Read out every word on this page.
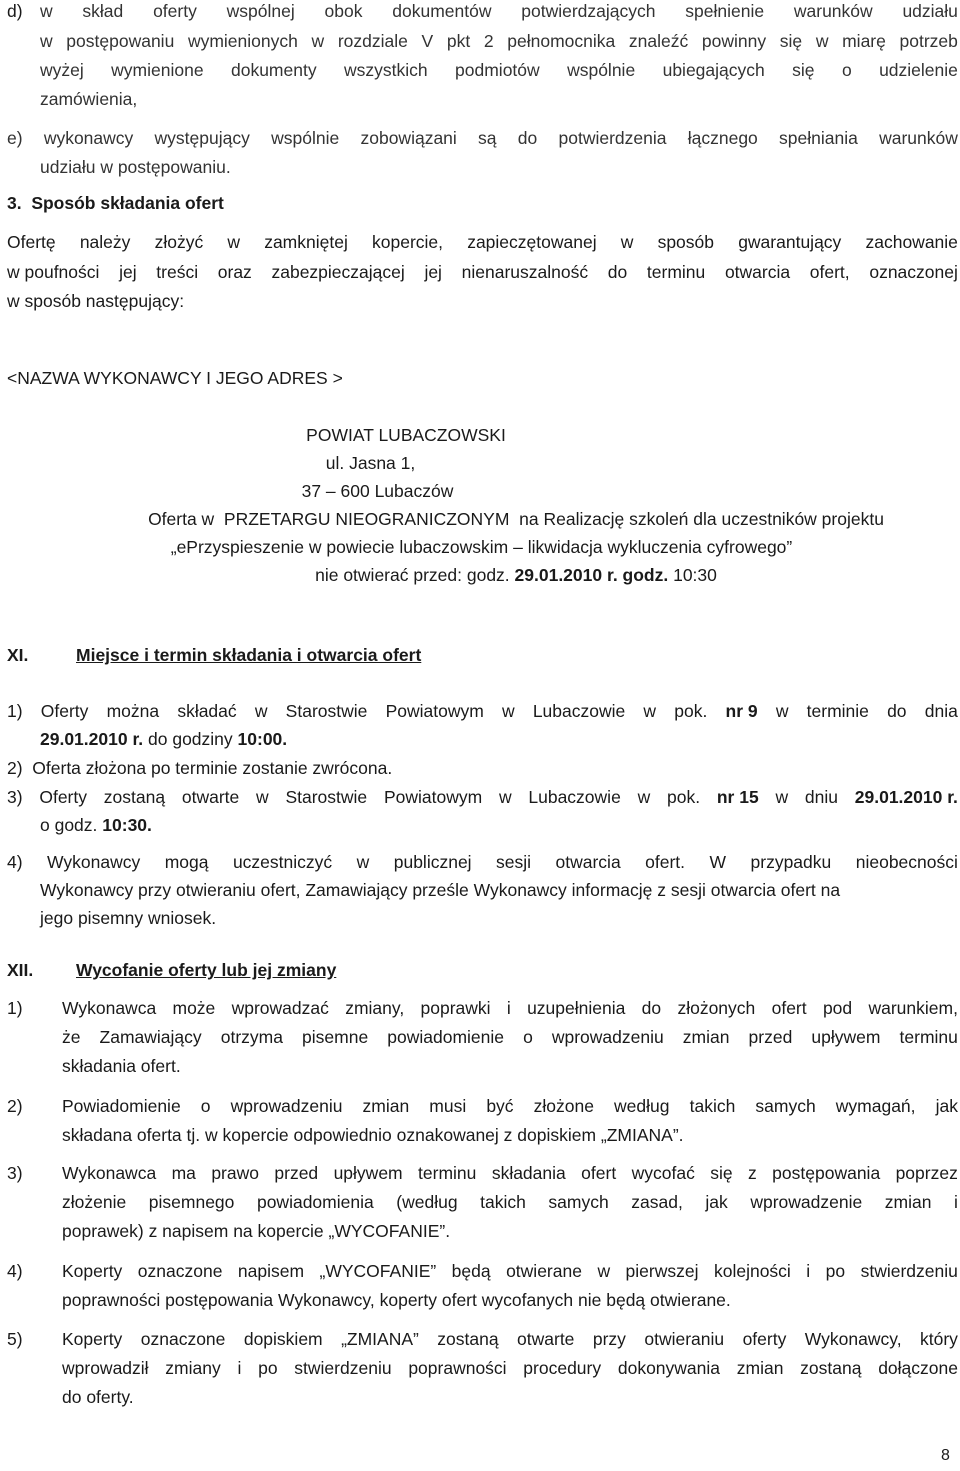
w skład oferty wspólnej obok dokumentów potwierdzających spełnienie warunków udziału
d)
w postępowaniu wymienionych w rozdziale V pkt 2 pełnomocnika znaleźć powinny się w miarę potrzeb
wyżej wymienione dokumenty wszystkich podmiotów wspólnie ubiegających się o udzielenie
zamówienia,
e) wykonawcy występujący wspólnie zobowiązani są do potwierdzenia łącznego spełniania warunków
udziału w postępowaniu.
3.  Sposób składania ofert
Ofertę należy złożyć w zamkniętej kopercie, zapieczętowanej w sposób gwarantujący zachowanie
w poufności jej treści oraz zabezpieczającej jej nienaruszalność do terminu otwarcia ofert, oznaczonej
w sposób następujący:
<NAZWA WYKONAWCY I JEGO ADRES >
POWIAT LUBACZOWSKI
ul. Jasna 1,
37 – 600 Lubaczów
Oferta w  PRZETARGU NIEOGRANICZONYM  na Realizację szkoleń dla uczestników projektu
„ePrzyspieszenie w powiecie lubaczowskim – likwidacja wykluczenia cyfrowego”
nie otwierać przed: godz. 29.01.2010 r. godz. 10:30
XI.	Miejsce i termin składania i otwarcia ofert
1) Oferty można składać w Starostwie Powiatowym w Lubaczowie w pok. nr 9 w terminie do dnia
29.01.2010 r. do godziny 10:00.
2)  Oferta złożona po terminie zostanie zwrócona.
3) Oferty zostaną otwarte w Starostwie Powiatowym w Lubaczowie w pok. nr 15 w dniu 29.01.2010 r.
o godz. 10:30.
4) Wykonawcy mogą uczestniczyć w publicznej sesji otwarcia ofert. W przypadku nieobecności
Wykonawcy przy otwieraniu ofert, Zamawiający prześle Wykonawcy informację z sesji otwarcia ofert na
jego pisemny wniosek.
XII. Wycofanie oferty lub jej zmiany
1) Wykonawca może wprowadzać zmiany, poprawki i uzupełnienia do złożonych ofert pod warunkiem,
że Zamawiający otrzyma pisemne powiadomienie o wprowadzeniu zmian przed upływem terminu
składania ofert.
2) Powiadomienie o wprowadzeniu zmian musi być złożone według takich samych wymagań, jak
składana oferta tj. w kopercie odpowiednio oznakowanej z dopiskiem „ZMIANA”.
3) Wykonawca ma prawo przed upływem terminu składania ofert wycofać się z postępowania poprzez
złożenie pisemnego powiadomienia (według takich samych zasad, jak wprowadzenie zmian i
poprawek) z napisem na kopercie „WYCOFANIE”.
4) Koperty oznaczone napisem „WYCOFANIE” będą otwierane w pierwszej kolejności i po stwierdzeniu
poprawności postępowania Wykonawcy, koperty ofert wycofanych nie będą otwierane.
5) Koperty oznaczone dopiskiem „ZMIANA” zostaną otwarte przy otwieraniu oferty Wykonawcy, który
wprowadził zmiany i po stwierdzeniu poprawności procedury dokonywania zmian zostaną dołączone
do oferty.
8
